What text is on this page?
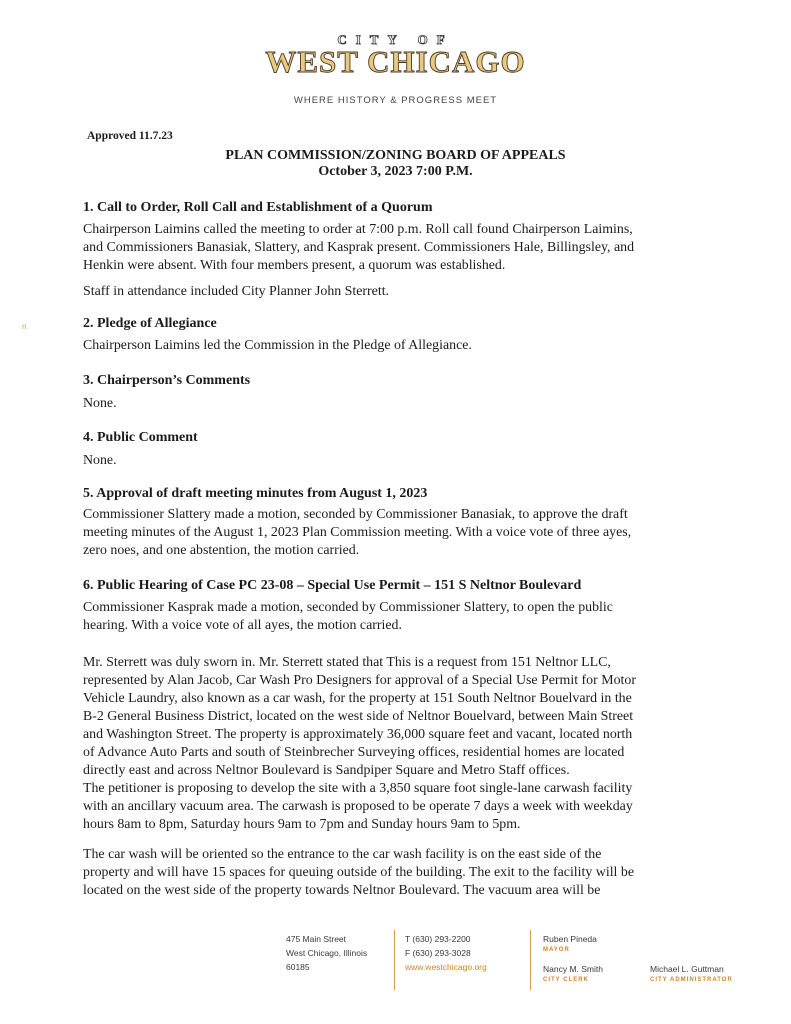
CITY OF
WEST CHICAGO
WHERE HISTORY & PROGRESS MEET
Approved 11.7.23
PLAN COMMISSION/ZONING BOARD OF APPEALS
October 3, 2023 7:00 P.M.
n
1. Call to Order, Roll Call and Establishment of a Quorum
Chairperson Laimins called the meeting to order at 7:00 p.m. Roll call found Chairperson Laimins,
and Commissioners Banasiak, Slattery, and Kasprak present. Commissioners Hale, Billingsley, and
Henkin were absent. With four members present, a quorum was established.
Staff in attendance included City Planner John Sterrett.
2. Pledge of Allegiance
Chairperson Laimins led the Commission in the Pledge of Allegiance.
3. Chairperson’s Comments
None.
4. Public Comment
None.
5. Approval of draft meeting minutes from August 1, 2023
Commissioner Slattery made a motion, seconded by Commissioner Banasiak, to approve the draft
meeting minutes of the August 1, 2023 Plan Commission meeting. With a voice vote of three ayes,
zero noes, and one abstention, the motion carried.
6. Public Hearing of Case PC 23-08 – Special Use Permit – 151 S Neltnor Boulevard
Commissioner Kasprak made a motion, seconded by Commissioner Slattery, to open the public
hearing. With a voice vote of all ayes, the motion carried.
Mr. Sterrett was duly sworn in. Mr. Sterrett stated that This is a request from 151 Neltnor LLC,
represented by Alan Jacob, Car Wash Pro Designers for approval of a Special Use Permit for Motor
Vehicle Laundry, also known as a car wash, for the property at 151 South Neltnor Bouelvard in the
B-2 General Business District, located on the west side of Neltnor Bouelvard, between Main Street
and Washington Street. The property is approximately 36,000 square feet and vacant, located north
of Advance Auto Parts and south of Steinbrecher Surveying offices, residential homes are located
directly east and across Neltnor Boulevard is Sandpiper Square and Metro Staff offices.
The petitioner is proposing to develop the site with a 3,850 square foot single-lane carwash facility
with an ancillary vacuum area. The carwash is proposed to be operate 7 days a week with weekday
hours 8am to 8pm, Saturday hours 9am to 7pm and Sunday hours 9am to 5pm.
The car wash will be oriented so the entrance to the car wash facility is on the east side of the
property and will have 15 spaces for queuing outside of the building. The exit to the facility will be
located on the west side of the property towards Neltnor Boulevard. The vacuum area will be
475 Main Street
West Chicago, Illinois
60185
T (630) 293-2200
F (630) 293-3028
www.westchicago.org
Ruben Pineda
MAYOR
Nancy M. Smith
CITY CLERK
Michael L. Guttman
CITY ADMINISTRATOR
